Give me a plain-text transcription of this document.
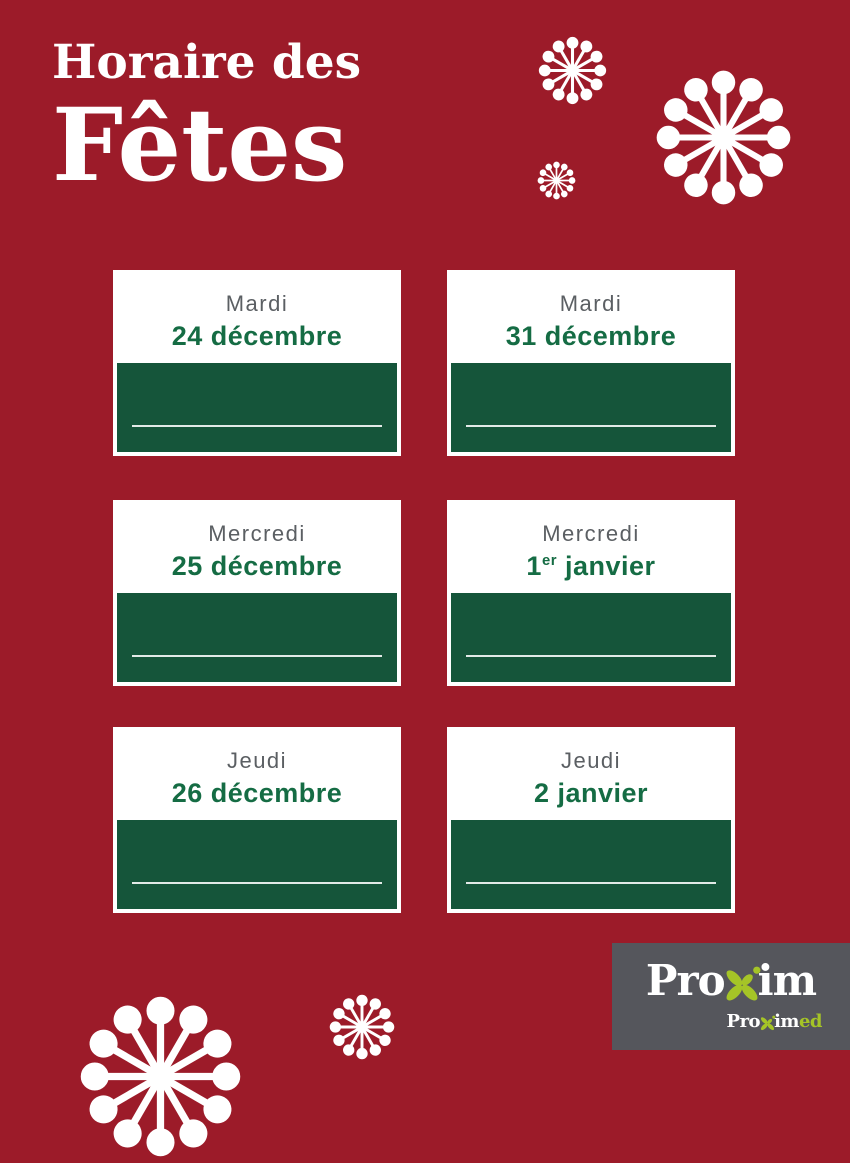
Horaire des
Fêtes
Mardi
24 décembre
Mardi
31 décembre
Mercredi
25 décembre
Mercredi
1er janvier
Jeudi
26 décembre
Jeudi
2 janvier
Pro im
Pro im ed
